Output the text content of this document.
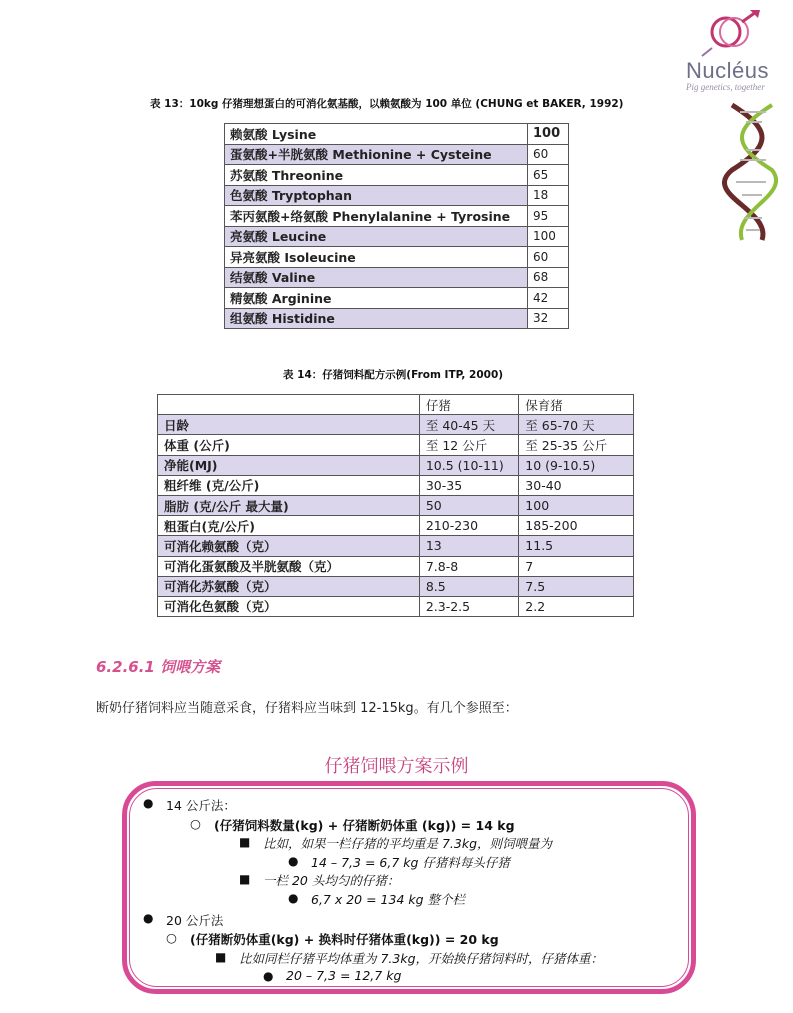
Nucléus
Pig genetics, together
表 13：10kg 仔猪理想蛋白的可消化氨基酸，以赖氨酸为 100 单位 (CHUNG et BAKER, 1992)
赖氨酸 Lysine	100
蛋氨酸+半胱氨酸 Methionine + Cysteine	60
苏氨酸 Threonine	65
色氨酸 Tryptophan	18
苯丙氨酸+络氨酸 Phenylalanine + Tyrosine	95
亮氨酸 Leucine	100
异亮氨酸 Isoleucine	60
结氨酸 Valine	68
精氨酸 Arginine	42
组氨酸 Histidine	32
表 14：仔猪饲料配方示例(From ITP, 2000)
	仔猪	保育猪
日龄	至 40-45 天	至 65-70 天
体重 (公斤)	至 12 公斤	至 25-35 公斤
净能(MJ)	10.5 (10-11)	10 (9-10.5)
粗纤维 (克/公斤)	30-35	30-40
脂肪 (克/公斤 最大量)	50	100
粗蛋白(克/公斤)	210-230	185-200
可消化赖氨酸（克）	13	11.5
可消化蛋氨酸及半胱氨酸（克）	7.8-8	7
可消化苏氨酸（克）	8.5	7.5
可消化色氨酸（克）	2.3-2.5	2.2
6.2.6.1 饲喂方案
断奶仔猪饲料应当随意采食，仔猪料应当味到 12-15kg。有几个参照至：
仔猪饲喂方案示例
● 14 公斤法：
○ (仔猪饲料数量(kg) + 仔猪断奶体重 (kg)) = 14 kg
■ 比如，如果一栏仔猪的平均重是 7.3kg，则饲喂量为
● 14 – 7,3 = 6,7 kg 仔猪料每头仔猪
■ 一栏 20 头均匀的仔猪：
● 6,7 x 20 = 134 kg 整个栏
● 20 公斤法
○ (仔猪断奶体重(kg) + 换料时仔猪体重(kg)) = 20 kg
■ 比如同栏仔猪平均体重为 7.3kg，开始换仔猪饲料时，仔猪体重：
● 20 – 7,3 = 12,7 kg
